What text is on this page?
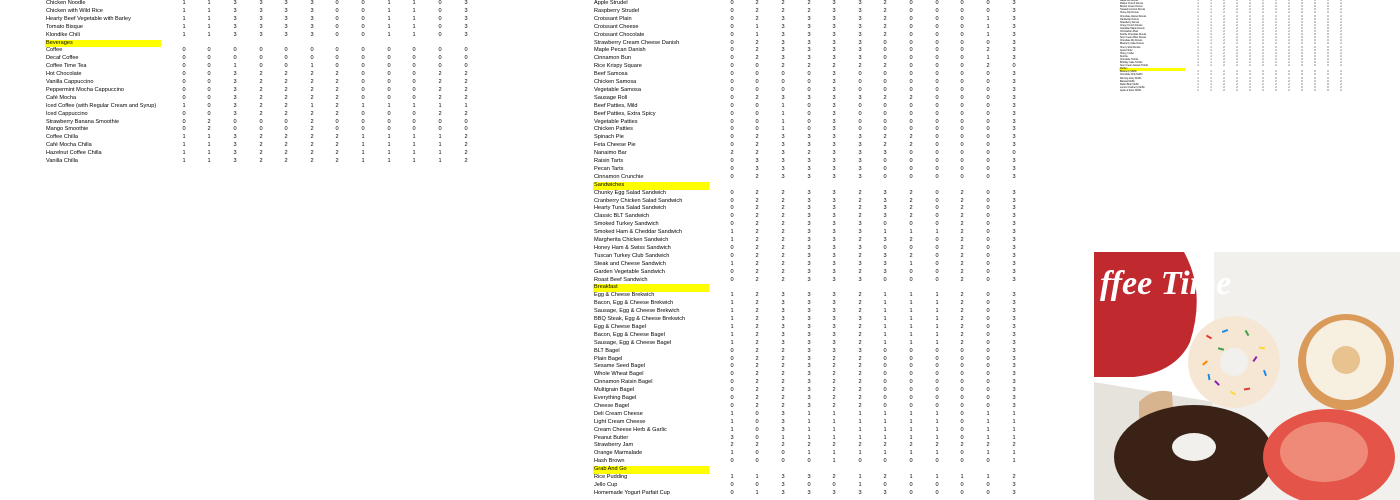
Chicken Noodle	1	1	3	3	3	3	0	0	1	1	0	3
Chicken with Wild Rice	1	1	3	3	3	3	0	0	1	1	0	3
Hearty Beef Vegetable with Barley	1	1	3	3	3	3	0	0	1	1	0	3
Tomato Bisque	1	1	3	3	3	3	0	0	1	1	0	3
Klondike Chili	1	1	3	3	3	3	0	0	1	1	0	3
Beverages
Coffee	0	0	0	0	0	0	0	0	0	0	0	0
Decaf Coffee	0	0	0	0	0	0	0	0	0	0	0	0
Coffee Time Tea	0	0	1	0	0	1	0	0	0	0	0	0
Hot Chocolate	0	0	3	2	2	2	2	0	0	0	2	2
Vanilla Cappuccino	0	0	3	2	2	2	2	0	0	0	2	2
Peppermint Mocha Cappuccino	0	0	3	2	2	2	2	0	0	0	2	2
Café Mocha	0	0	3	2	2	2	2	0	0	0	2	2
Iced Coffee (with Regular Cream and Syrup)	1	0	3	2	2	1	2	1	1	1	1	1
Iced Cappuccino	0	0	3	2	2	2	2	0	0	0	2	2
Strawberry Banana Smoothie	0	2	0	0	0	2	0	0	0	0	0	0
Mango Smoothie	0	2	0	0	0	2	0	0	0	0	0	0
Coffee Chilla	1	1	3	2	2	2	2	1	1	1	1	2
Café Mocha Chilla	1	1	3	2	2	2	2	1	1	1	1	2
Hazelnut Coffee Chilla	1	1	3	2	2	2	2	1	1	1	1	2
Vanilla Chilla	1	1	3	2	2	2	2	1	1	1	1	2
Apple Strudel	0	2	2	2	3	3	2	0	0	0	0	3
Raspberry Strudel	0	2	2	2	3	3	2	0	0	0	0	3
Croissant Plain	0	2	3	3	3	3	2	0	0	0	1	3
Croissant Cheese	0	1	3	3	3	3	2	0	0	0	1	3
Croissant Chocolate	0	1	3	3	3	3	2	0	0	0	1	3
Strawberry Cream Cheese Danish	0	2	3	3	3	3	0	0	0	0	0	3
Maple Pecan Danish	0	2	3	3	3	3	0	0	0	0	2	3
Cinnamon Bun	0	2	3	3	3	3	0	0	0	0	1	3
Rice Krispy Square	0	0	2	2	2	2	2	0	0	0	2	0
Beef Samosa	0	0	0	0	3	0	0	0	0	0	0	3
Chicken Samosa	0	0	0	0	3	0	0	0	0	0	0	3
Vegetable Samosa	0	0	0	0	3	0	0	0	0	0	0	3
Sausage Roll	0	2	3	3	3	3	2	2	0	0	0	3
Beef Patties, Mild	0	0	1	0	3	0	0	0	0	0	0	3
Beef Patties, Extra Spicy	0	0	1	0	3	0	0	0	0	0	0	3
Vegetable Patties	0	0	1	0	3	0	0	0	0	0	0	3
Chicken Patties	0	0	1	0	3	0	0	0	0	0	0	3
Spinach Pie	0	2	3	3	3	3	2	2	0	0	0	3
Feta Cheese Pie	0	2	3	3	3	3	2	2	0	0	0	3
Nanaimo Bar	2	2	3	2	3	3	3	0	0	0	0	0
Raisin Tarts	0	3	3	3	3	3	0	0	0	0	0	3
Pecan Tarts	0	3	3	3	3	3	0	0	0	0	0	3
Cinnamon Crunchie	0	2	3	3	3	3	0	0	0	0	0	3
Sandwiches
Chunky Egg Salad Sandwich	0	2	2	3	3	2	3	2	0	2	0	3
Cranberry Chicken Salad Sandwich	0	2	2	3	3	2	3	2	0	2	0	3
Hearty Tuna Salad Sandwich	0	2	2	3	3	2	3	2	0	2	0	3
Classic BLT Sandwich	0	2	2	3	3	2	3	2	0	2	0	3
Smoked Turkey Sandwich	0	2	2	3	3	3	0	0	0	2	0	3
Smoked Ham & Cheddar Sandwich	1	2	2	3	3	3	1	1	1	2	0	3
Margherita Chicken Sandwich	1	2	2	3	3	2	3	2	0	2	0	3
Honey Ham & Swiss Sandwich	0	2	2	3	3	3	0	0	0	2	0	3
Tuscan Turkey Club Sandwich	0	2	2	3	3	2	3	2	0	2	0	3
Steak and Cheese Sandwich	1	2	2	3	3	3	3	1	0	2	0	3
Garden Vegetable Sandwich	0	2	2	3	3	2	3	0	0	2	0	3
Roast Beef Sandwich	0	2	2	3	3	3	0	0	0	2	0	3
Breakfast
Egg & Cheese Brekwich	1	2	3	3	3	2	1	1	1	2	0	3
Bacon, Egg & Cheese Brekwich	1	2	3	3	3	2	1	1	1	2	0	3
Sausage, Egg & Cheese Brekwich	1	2	3	3	3	2	1	1	1	2	0	3
BBQ Steak, Egg & Cheese Brekwich	1	2	3	3	3	3	1	1	1	2	0	3
Egg & Cheese Bagel	1	2	3	3	3	2	1	1	1	2	0	3
Bacon, Egg & Cheese Bagel	1	2	3	3	3	2	1	1	1	2	0	3
Sausage, Egg & Cheese Bagel	1	2	3	3	3	2	1	1	1	2	0	3
BLT Bagel	0	2	2	3	3	3	0	0	0	0	0	3
Plain Bagel	0	2	2	3	2	2	0	0	0	0	0	3
Sesame Seed Bagel	0	2	2	3	2	2	0	0	0	0	0	3
Whole Wheat Bagel	0	2	2	3	2	2	0	0	0	0	0	3
Cinnamon Raisin Bagel	0	2	2	3	2	2	0	0	0	0	0	3
Multigrain Bagel	0	2	2	3	2	2	0	0	0	0	0	3
Everything Bagel	0	2	2	3	2	2	0	0	0	0	0	3
Cheese Bagel	0	2	2	3	2	2	0	0	0	0	0	3
Deli Cream Cheese	1	0	3	1	1	1	1	1	1	0	1	1
Light Cream Cheese	1	0	3	1	1	1	1	1	1	0	1	1
Cream Cheese Herb & Garlic	1	0	3	1	1	1	1	1	1	0	1	1
Peanut Butter	3	0	1	1	1	1	1	1	1	0	1	1
Strawberry Jam	2	2	2	2	2	2	2	2	2	2	2	2
Orange Marmalade	1	0	0	1	1	1	1	1	1	0	1	1
Hash Brown	0	0	0	0	1	0	0	0	0	0	0	1
Grab And Go
Rice Pudding	1	1	3	3	2	1	2	1	1	1	1	2
Jello Cup	0	0	3	0	0	1	0	0	0	0	0	3
Homemade Yogurt Parfait Cup	0	1	3	3	3	3	3	0	0	0	0	3
Maple Dip Donuts	1	1	2	2	2	2	2	2	0	0	0	2
Walnut Crunch Donuts	1	1	2	2	2	2	2	2	0	0	0	2
Boston Cream Donuts	1	1	2	2	2	2	2	2	0	0	0	2
Toasted Coconut Donuts	1	1	2	2	2	2	2	2	0	0	0	2
Honey Dip Donuts	1	1	2	2	2	2	2	2	0	0	0	2
Chocolate Glazed Donuts	1	1	2	2	2	2	2	2	0	0	0	2
Vanilla Dip Donuts	1	1	2	2	2	2	2	2	0	0	0	2
Strawberry Donuts	1	1	2	2	2	2	2	2	0	0	0	2
Crispy Crunch Donuts	1	1	2	2	2	2	2	2	0	0	0	2
Canadian Maple Donuts	1	1	2	2	2	2	2	2	0	0	0	2
Old Fashion Plain	1	1	2	2	2	2	2	2	0	0	0	2
Double Chocolate Donuts	1	1	2	2	2	2	2	2	0	0	0	2
Sour Cream Plain Donuts	1	1	2	2	2	2	2	2	0	0	0	2
Chocolate Dip Donuts	1	1	2	2	2	2	2	2	0	0	0	2
Blueberry Cake Donuts	1	1	2	2	2	2	2	2	0	0	0	2
Cherry Stick Donuts	1	1	2	2	2	2	2	2	0	0	0	2
Apple Fritter	1	1	2	2	2	2	2	2	0	0	0	2
Honey Cruller	1	1	2	2	2	2	2	2	0	0	0	2
Dutchie	1	1	2	2	2	2	2	2	0	0	0	2
Chocolate Timbits	1	1	2	2	2	2	2	2	0	0	0	2
Birthday Cake Timbits	1	1	2	2	2	2	2	2	0	0	0	2
Sour Cream Glazed Timbits	1	1	2	2	2	2	2	2	0	0	0	2
Muffins
Blueberry Muffin	1	1	2	2	2	2	2	2	0	0	0	2
Chocolate Chip Muffin	1	1	2	2	2	2	2	2	0	0	0	2
Morning Glory Muffin	1	1	2	2	2	2	2	2	0	0	0	2
Banana Muffin	1	1	2	2	2	2	2	2	0	0	0	2
Raisin Bran Muffin	1	1	2	2	2	2	2	2	0	0	0	2
Lemon Cranberry Muffin	1	1	2	2	2	2	2	2	0	0	0	2
Apple & Spice Muffin	1	1	2	2	2	2	2	2	0	0	0	2
ffee Time
